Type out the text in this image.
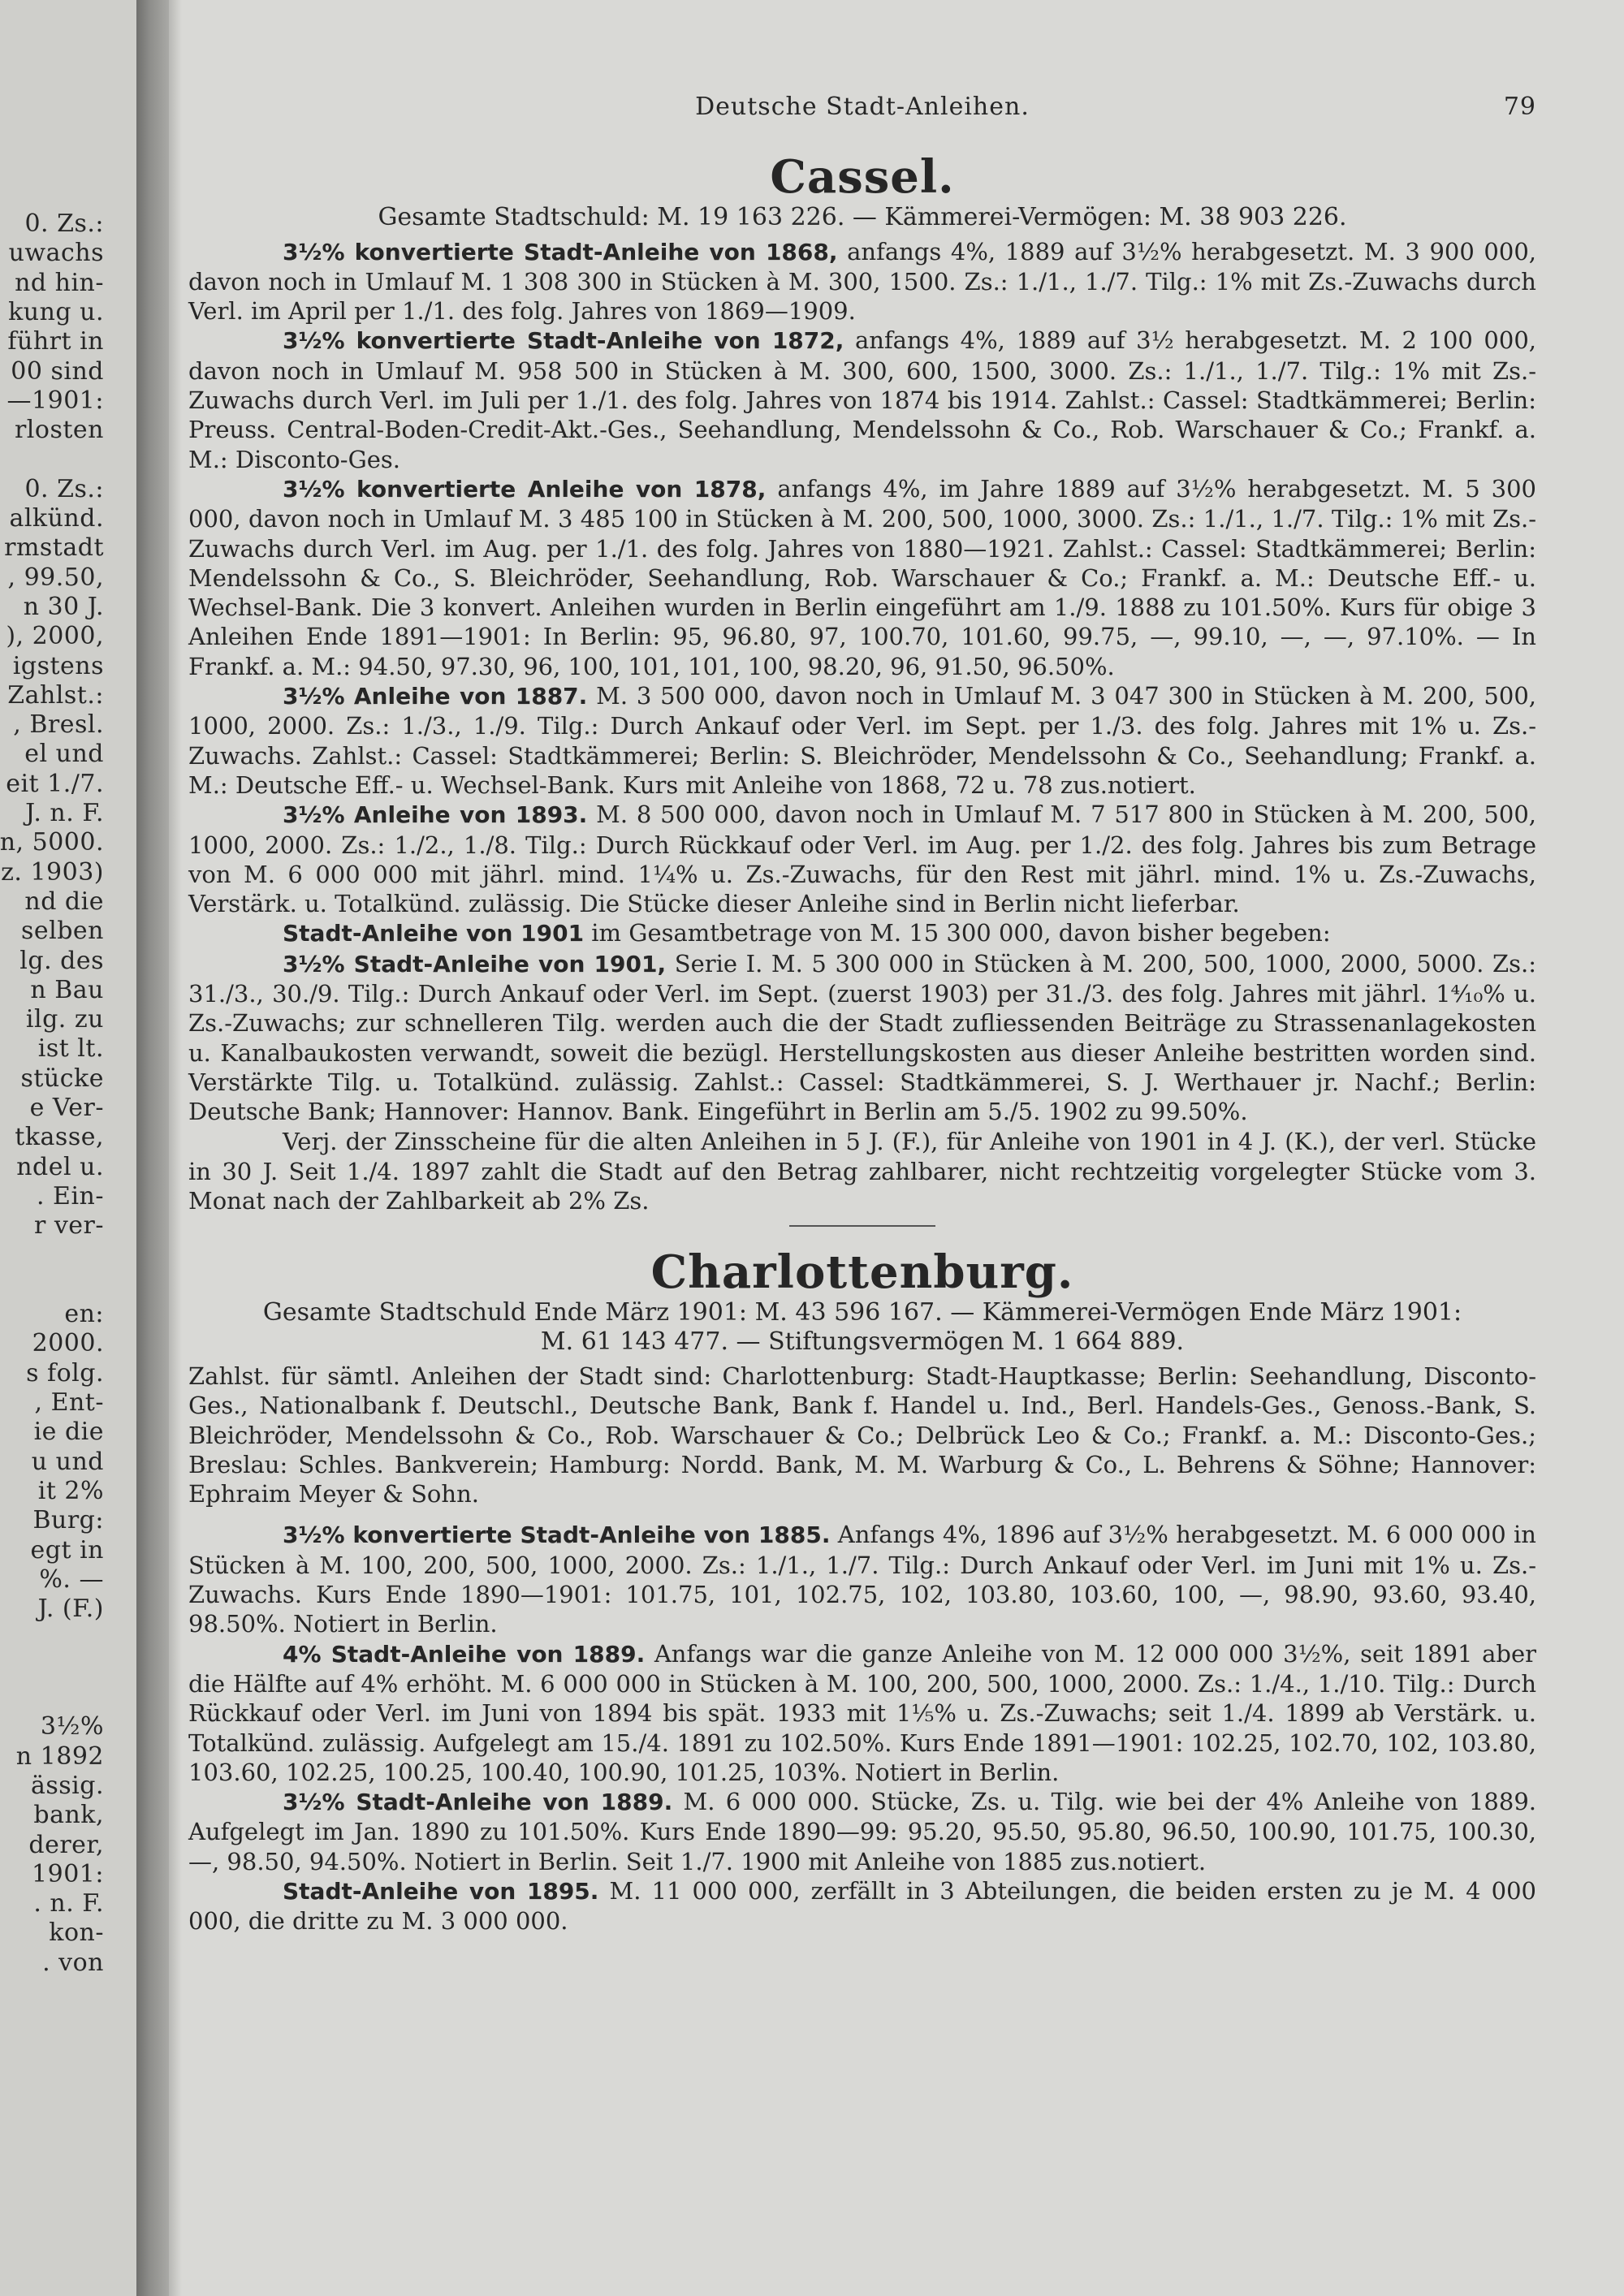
0. Zs.:
uwachs
nd hin-
kung u.
führt in
00 sind
—1901:
rlosten
0. Zs.:
alkünd.
rmstadt
, 99.50,
n 30 J.
), 2000,
igstens
Zahlst.:
, Bresl.
el und
eit 1./7.
J. n. F.
n, 5000.
z. 1903)
nd die
selben
lg. des
n Bau
ilg. zu
ist lt.
stücke
e Ver-
tkasse,
ndel u.
. Ein-
r ver-
en:
2000.
s folg.
, Ent-
ie die
u und
it 2%
Burg:
egt in
%. —
J. (F.)
3½%
n 1892
ässig.
bank,
derer,
1901:
. n. F.
kon-
. von
Deutsche Stadt-Anleihen.	79
Cassel.
Gesamte Stadtschuld: M. 19 163 226. — Kämmerei-Vermögen: M. 38 903 226.

3½% konvertierte Stadt-Anleihe von 1868, anfangs 4%, 1889 auf 3½% herabgesetzt. M. 3 900 000, davon noch in Umlauf M. 1 308 300 in Stücken à M. 300, 1500. Zs.: 1./1., 1./7. Tilg.: 1% mit Zs.-Zuwachs durch Verl. im April per 1./1. des folg. Jahres von 1869—1909.

3½% konvertierte Stadt-Anleihe von 1872, anfangs 4%, 1889 auf 3½ herabgesetzt. M. 2 100 000, davon noch in Umlauf M. 958 500 in Stücken à M. 300, 600, 1500, 3000. Zs.: 1./1., 1./7. Tilg.: 1% mit Zs.-Zuwachs durch Verl. im Juli per 1./1. des folg. Jahres von 1874 bis 1914. Zahlst.: Cassel: Stadtkämmerei; Berlin: Preuss. Central-Boden-Credit-Akt.-Ges., Seehandlung, Mendelssohn & Co., Rob. Warschauer & Co.; Frankf. a. M.: Disconto-Ges.

3½% konvertierte Anleihe von 1878, anfangs 4%, im Jahre 1889 auf 3½% herabgesetzt. M. 5 300 000, davon noch in Umlauf M. 3 485 100 in Stücken à M. 200, 500, 1000, 3000. Zs.: 1./1., 1./7. Tilg.: 1% mit Zs.-Zuwachs durch Verl. im Aug. per 1./1. des folg. Jahres von 1880—1921. Zahlst.: Cassel: Stadtkämmerei; Berlin: Mendelssohn & Co., S. Bleichröder, Seehandlung, Rob. Warschauer & Co.; Frankf. a. M.: Deutsche Eff.- u. Wechsel-Bank. Die 3 konvert. Anleihen wurden in Berlin eingeführt am 1./9. 1888 zu 101.50%. Kurs für obige 3 Anleihen Ende 1891—1901: In Berlin: 95, 96.80, 97, 100.70, 101.60, 99.75, —, 99.10, —, —, 97.10%. — In Frankf. a. M.: 94.50, 97.30, 96, 100, 101, 101, 100, 98.20, 96, 91.50, 96.50%.

3½% Anleihe von 1887. M. 3 500 000, davon noch in Umlauf M. 3 047 300 in Stücken à M. 200, 500, 1000, 2000. Zs.: 1./3., 1./9. Tilg.: Durch Ankauf oder Verl. im Sept. per 1./3. des folg. Jahres mit 1% u. Zs.-Zuwachs. Zahlst.: Cassel: Stadtkämmerei; Berlin: S. Bleichröder, Mendelssohn & Co., Seehandlung; Frankf. a. M.: Deutsche Eff.- u. Wechsel-Bank. Kurs mit Anleihe von 1868, 72 u. 78 zus.notiert.

3½% Anleihe von 1893. M. 8 500 000, davon noch in Umlauf M. 7 517 800 in Stücken à M. 200, 500, 1000, 2000. Zs.: 1./2., 1./8. Tilg.: Durch Rückkauf oder Verl. im Aug. per 1./2. des folg. Jahres bis zum Betrage von M. 6 000 000 mit jährl. mind. 1¼% u. Zs.-Zuwachs, für den Rest mit jährl. mind. 1% u. Zs.-Zuwachs, Verstärk. u. Totalkünd. zulässig. Die Stücke dieser Anleihe sind in Berlin nicht lieferbar.

Stadt-Anleihe von 1901 im Gesamtbetrage von M. 15 300 000, davon bisher begeben:

3½% Stadt-Anleihe von 1901, Serie I. M. 5 300 000 in Stücken à M. 200, 500, 1000, 2000, 5000. Zs.: 31./3., 30./9. Tilg.: Durch Ankauf oder Verl. im Sept. (zuerst 1903) per 31./3. des folg. Jahres mit jährl. 1⁴⁄₁₀% u. Zs.-Zuwachs; zur schnelleren Tilg. werden auch die der Stadt zufliessenden Beiträge zu Strassenanlagekosten u. Kanalbaukosten verwandt, soweit die bezügl. Herstellungskosten aus dieser Anleihe bestritten worden sind. Verstärkte Tilg. u. Totalkünd. zulässig. Zahlst.: Cassel: Stadtkämmerei, S. J. Werthauer jr. Nachf.; Berlin: Deutsche Bank; Hannover: Hannov. Bank. Eingeführt in Berlin am 5./5. 1902 zu 99.50%.

Verj. der Zinsscheine für die alten Anleihen in 5 J. (F.), für Anleihe von 1901 in 4 J. (K.), der verl. Stücke in 30 J. Seit 1./4. 1897 zahlt die Stadt auf den Betrag zahlbarer, nicht rechtzeitig vorgelegter Stücke vom 3. Monat nach der Zahlbarkeit ab 2% Zs.

Charlottenburg.
Gesamte Stadtschuld Ende März 1901: M. 43 596 167. — Kämmerei-Vermögen Ende März 1901:
M. 61 143 477. — Stiftungsvermögen M. 1 664 889.

Zahlst. für sämtl. Anleihen der Stadt sind: Charlottenburg: Stadt-Hauptkasse; Berlin: Seehandlung, Disconto-Ges., Nationalbank f. Deutschl., Deutsche Bank, Bank f. Handel u. Ind., Berl. Handels-Ges., Genoss.-Bank, S. Bleichröder, Mendelssohn & Co., Rob. Warschauer & Co.; Delbrück Leo & Co.; Frankf. a. M.: Disconto-Ges.; Breslau: Schles. Bankverein; Hamburg: Nordd. Bank, M. M. Warburg & Co., L. Behrens & Söhne; Hannover: Ephraim Meyer & Sohn.

3½% konvertierte Stadt-Anleihe von 1885. Anfangs 4%, 1896 auf 3½% herabgesetzt. M. 6 000 000 in Stücken à M. 100, 200, 500, 1000, 2000. Zs.: 1./1., 1./7. Tilg.: Durch Ankauf oder Verl. im Juni mit 1% u. Zs.-Zuwachs. Kurs Ende 1890—1901: 101.75, 101, 102.75, 102, 103.80, 103.60, 100, —, 98.90, 93.60, 93.40, 98.50%. Notiert in Berlin.

4% Stadt-Anleihe von 1889. Anfangs war die ganze Anleihe von M. 12 000 000 3½%, seit 1891 aber die Hälfte auf 4% erhöht. M. 6 000 000 in Stücken à M. 100, 200, 500, 1000, 2000. Zs.: 1./4., 1./10. Tilg.: Durch Rückkauf oder Verl. im Juni von 1894 bis spät. 1933 mit 1⅕% u. Zs.-Zuwachs; seit 1./4. 1899 ab Verstärk. u. Totalkünd. zulässig. Aufgelegt am 15./4. 1891 zu 102.50%. Kurs Ende 1891—1901: 102.25, 102.70, 102, 103.80, 103.60, 102.25, 100.25, 100.40, 100.90, 101.25, 103%. Notiert in Berlin.

3½% Stadt-Anleihe von 1889. M. 6 000 000. Stücke, Zs. u. Tilg. wie bei der 4% Anleihe von 1889. Aufgelegt im Jan. 1890 zu 101.50%. Kurs Ende 1890—99: 95.20, 95.50, 95.80, 96.50, 100.90, 101.75, 100.30, —, 98.50, 94.50%. Notiert in Berlin. Seit 1./7. 1900 mit Anleihe von 1885 zus.notiert.

Stadt-Anleihe von 1895. M. 11 000 000, zerfällt in 3 Abteilungen, die beiden ersten zu je M. 4 000 000, die dritte zu M. 3 000 000.
